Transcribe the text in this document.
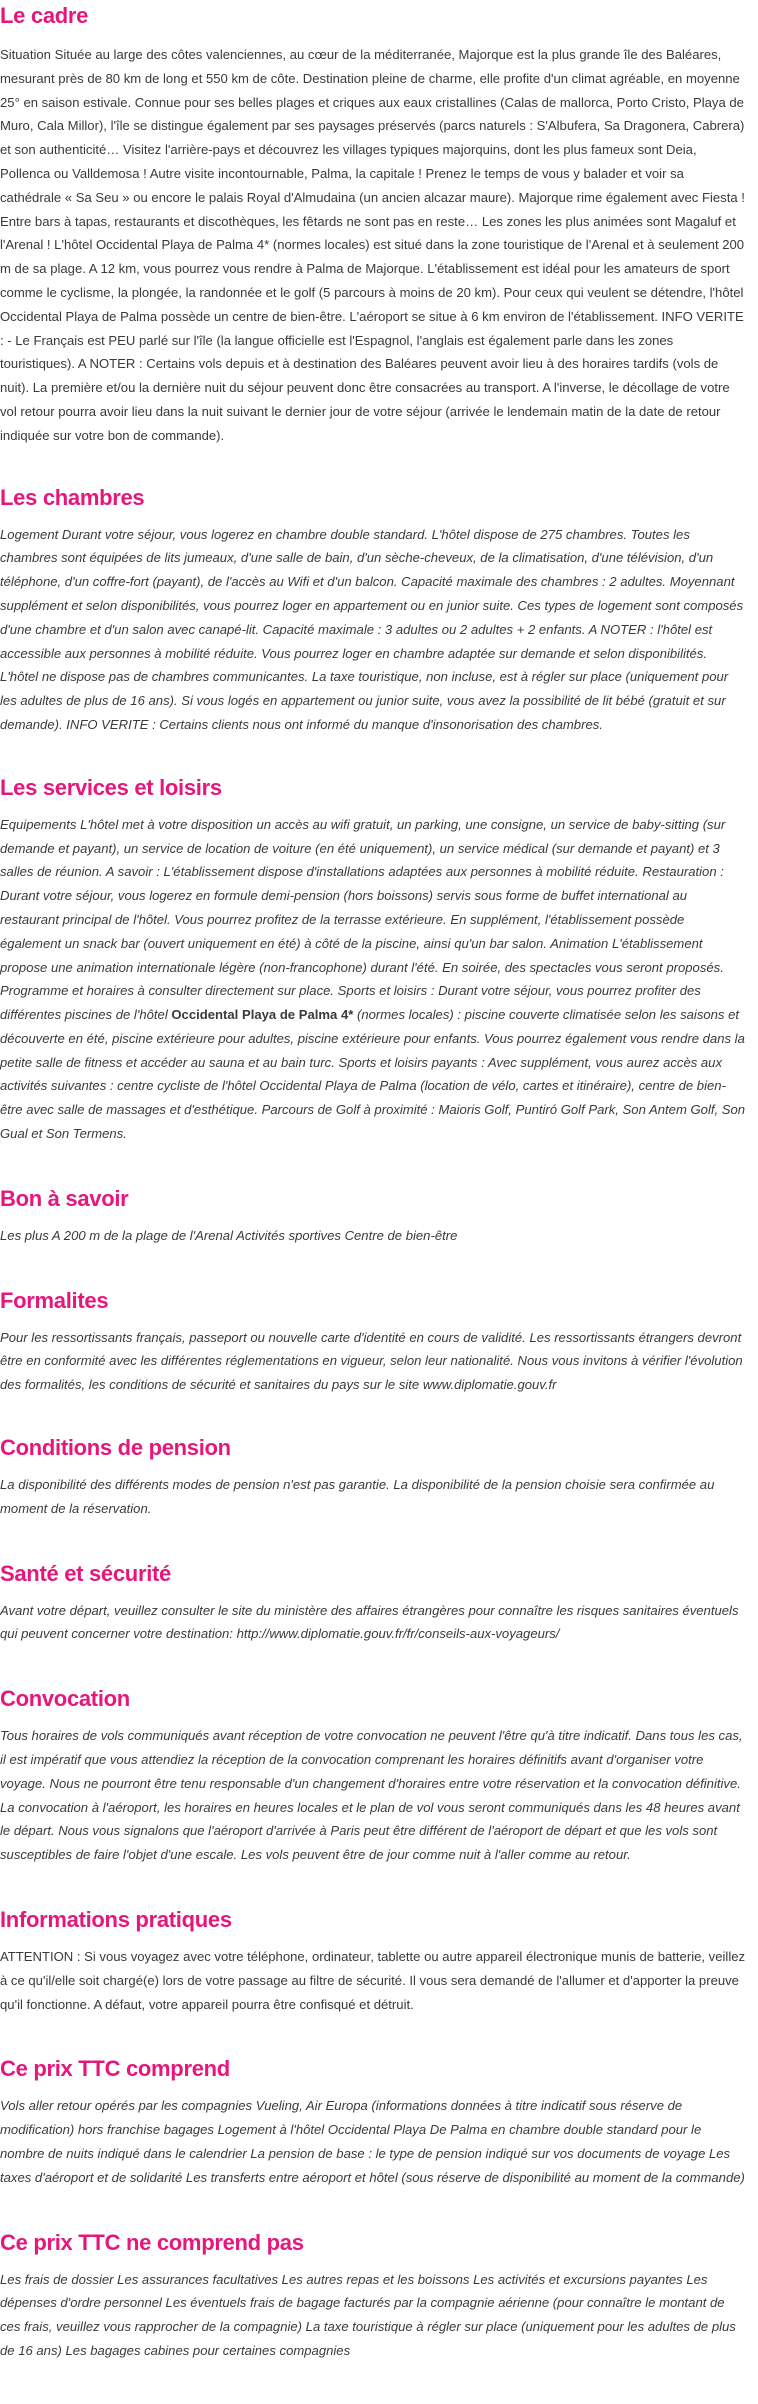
Le cadre

Situation Située au large des côtes valenciennes, au cœur de la méditerranée, Majorque est la plus grande île des Baléares, mesurant près de 80 km de long et 550 km de côte. Destination pleine de charme, elle profite d'un climat agréable, en moyenne 25° en saison estivale. Connue pour ses belles plages et criques aux eaux cristallines (Calas de mallorca, Porto Cristo, Playa de Muro, Cala Millor), l'île se distingue également par ses paysages préservés (parcs naturels : S'Albufera, Sa Dragonera, Cabrera) et son authenticité… Visitez l'arrière-pays et découvrez les villages typiques majorquins, dont les plus fameux sont Deia, Pollenca ou Valldemosa ! Autre visite incontournable, Palma, la capitale ! Prenez le temps de vous y balader et voir sa cathédrale « Sa Seu » ou encore le palais Royal d'Almudaina (un ancien alcazar maure). Majorque rime également avec Fiesta ! Entre bars à tapas, restaurants et discothèques, les fêtards ne sont pas en reste… Les zones les plus animées sont Magaluf et l'Arenal ! L'hôtel Occidental Playa de Palma 4* (normes locales) est situé dans la zone touristique de l'Arenal et à seulement 200 m de sa plage. A 12 km, vous pourrez vous rendre à Palma de Majorque. L'établissement est idéal pour les amateurs de sport comme le cyclisme, la plongée, la randonnée et le golf (5 parcours à moins de 20 km). Pour ceux qui veulent se détendre, l'hôtel Occidental Playa de Palma possède un centre de bien-être. L'aéroport se situe à 6 km environ de l'établissement. INFO VERITE : - Le Français est PEU parlé sur l'île (la langue officielle est l'Espagnol, l'anglais est également parle dans les zones touristiques). A NOTER : Certains vols depuis et à destination des Baléares peuvent avoir lieu à des horaires tardifs (vols de nuit). La première et/ou la dernière nuit du séjour peuvent donc être consacrées au transport. A l'inverse, le décollage de votre vol retour pourra avoir lieu dans la nuit suivant le dernier jour de votre séjour (arrivée le lendemain matin de la date de retour indiquée sur votre bon de commande).

Les chambres

Logement Durant votre séjour, vous logerez en chambre double standard. L'hôtel dispose de 275 chambres. Toutes les chambres sont équipées de lits jumeaux, d'une salle de bain, d'un sèche-cheveux, de la climatisation, d'une télévision, d'un téléphone, d'un coffre-fort (payant), de l'accès au Wifi et d'un balcon. Capacité maximale des chambres : 2 adultes. Moyennant supplément et selon disponibilités, vous pourrez loger en appartement ou en junior suite. Ces types de logement sont composés d'une chambre et d'un salon avec canapé-lit. Capacité maximale : 3 adultes ou 2 adultes + 2 enfants. A NOTER : l'hôtel est accessible aux personnes à mobilité réduite. Vous pourrez loger en chambre adaptée sur demande et selon disponibilités. L'hôtel ne dispose pas de chambres communicantes. La taxe touristique, non incluse, est à régler sur place (uniquement pour les adultes de plus de 16 ans). Si vous logés en appartement ou junior suite, vous avez la possibilité de lit bébé (gratuit et sur demande). INFO VERITE : Certains clients nous ont informé du manque d'insonorisation des chambres.

Les services et loisirs

Equipements L'hôtel met à votre disposition un accès au wifi gratuit, un parking, une consigne, un service de baby-sitting (sur demande et payant), un service de location de voiture (en été uniquement), un service médical (sur demande et payant) et 3 salles de réunion. A savoir : L'établissement dispose d'installations adaptées aux personnes à mobilité réduite. Restauration : Durant votre séjour, vous logerez en formule demi-pension (hors boissons) servis sous forme de buffet international au restaurant principal de l'hôtel. Vous pourrez profitez de la terrasse extérieure. En supplément, l'établissement possède également un snack bar (ouvert uniquement en été) à côté de la piscine, ainsi qu'un bar salon. Animation L'établissement propose une animation internationale légère (non-francophone) durant l'été. En soirée, des spectacles vous seront proposés. Programme et horaires à consulter directement sur place. Sports et loisirs : Durant votre séjour, vous pourrez profiter des différentes piscines de l'hôtel Occidental Playa de Palma 4* (normes locales) : piscine couverte climatisée selon les saisons et découverte en été, piscine extérieure pour adultes, piscine extérieure pour enfants. Vous pourrez également vous rendre dans la petite salle de fitness et accéder au sauna et au bain turc. Sports et loisirs payants : Avec supplément, vous aurez accès aux activités suivantes : centre cycliste de l'hôtel Occidental Playa de Palma (location de vélo, cartes et itinéraire), centre de bien-être avec salle de massages et d'esthétique. Parcours de Golf à proximité : Maioris Golf, Puntiró Golf Park, Son Antem Golf, Son Gual et Son Termens.

Bon à savoir

Les plus A 200 m de la plage de l'Arenal Activités sportives Centre de bien-être

Formalites

Pour les ressortissants français, passeport ou nouvelle carte d'identité en cours de validité. Les ressortissants étrangers devront être en conformité avec les différentes réglementations en vigueur, selon leur nationalité. Nous vous invitons à vérifier l'évolution des formalités, les conditions de sécurité et sanitaires du pays sur le site www.diplomatie.gouv.fr

Conditions de pension

La disponibilité des différents modes de pension n'est pas garantie. La disponibilité de la pension choisie sera confirmée au moment de la réservation.

Santé et sécurité

Avant votre départ, veuillez consulter le site du ministère des affaires étrangères pour connaître les risques sanitaires éventuels qui peuvent concerner votre destination: http://www.diplomatie.gouv.fr/fr/conseils-aux-voyageurs/

Convocation

Tous horaires de vols communiqués avant réception de votre convocation ne peuvent l'être qu'à titre indicatif. Dans tous les cas, il est impératif que vous attendiez la réception de la convocation comprenant les horaires définitifs avant d'organiser votre voyage. Nous ne pourront être tenu responsable d'un changement d'horaires entre votre réservation et la convocation définitive. La convocation à l'aéroport, les horaires en heures locales et le plan de vol vous seront communiqués dans les 48 heures avant le départ. Nous vous signalons que l'aéroport d'arrivée à Paris peut être différent de l'aéroport de départ et que les vols sont susceptibles de faire l'objet d'une escale. Les vols peuvent être de jour comme nuit à l'aller comme au retour.

Informations pratiques

ATTENTION : Si vous voyagez avec votre téléphone, ordinateur, tablette ou autre appareil électronique munis de batterie, veillez à ce qu'il/elle soit chargé(e) lors de votre passage au filtre de sécurité. Il vous sera demandé de l'allumer et d'apporter la preuve qu'il fonctionne. A défaut, votre appareil pourra être confisqué et détruit.

Ce prix TTC comprend

Vols aller retour opérés par les compagnies Vueling, Air Europa (informations données à titre indicatif sous réserve de modification) hors franchise bagages Logement à l'hôtel Occidental Playa De Palma en chambre double standard pour le nombre de nuits indiqué dans le calendrier La pension de base : le type de pension indiqué sur vos documents de voyage Les taxes d'aéroport et de solidarité Les transferts entre aéroport et hôtel (sous réserve de disponibilité au moment de la commande)

Ce prix TTC ne comprend pas

Les frais de dossier Les assurances facultatives Les autres repas et les boissons Les activités et excursions payantes Les dépenses d'ordre personnel Les éventuels frais de bagage facturés par la compagnie aérienne (pour connaître le montant de ces frais, veuillez vous rapprocher de la compagnie) La taxe touristique à régler sur place (uniquement pour les adultes de plus de 16 ans) Les bagages cabines pour certaines compagnies
